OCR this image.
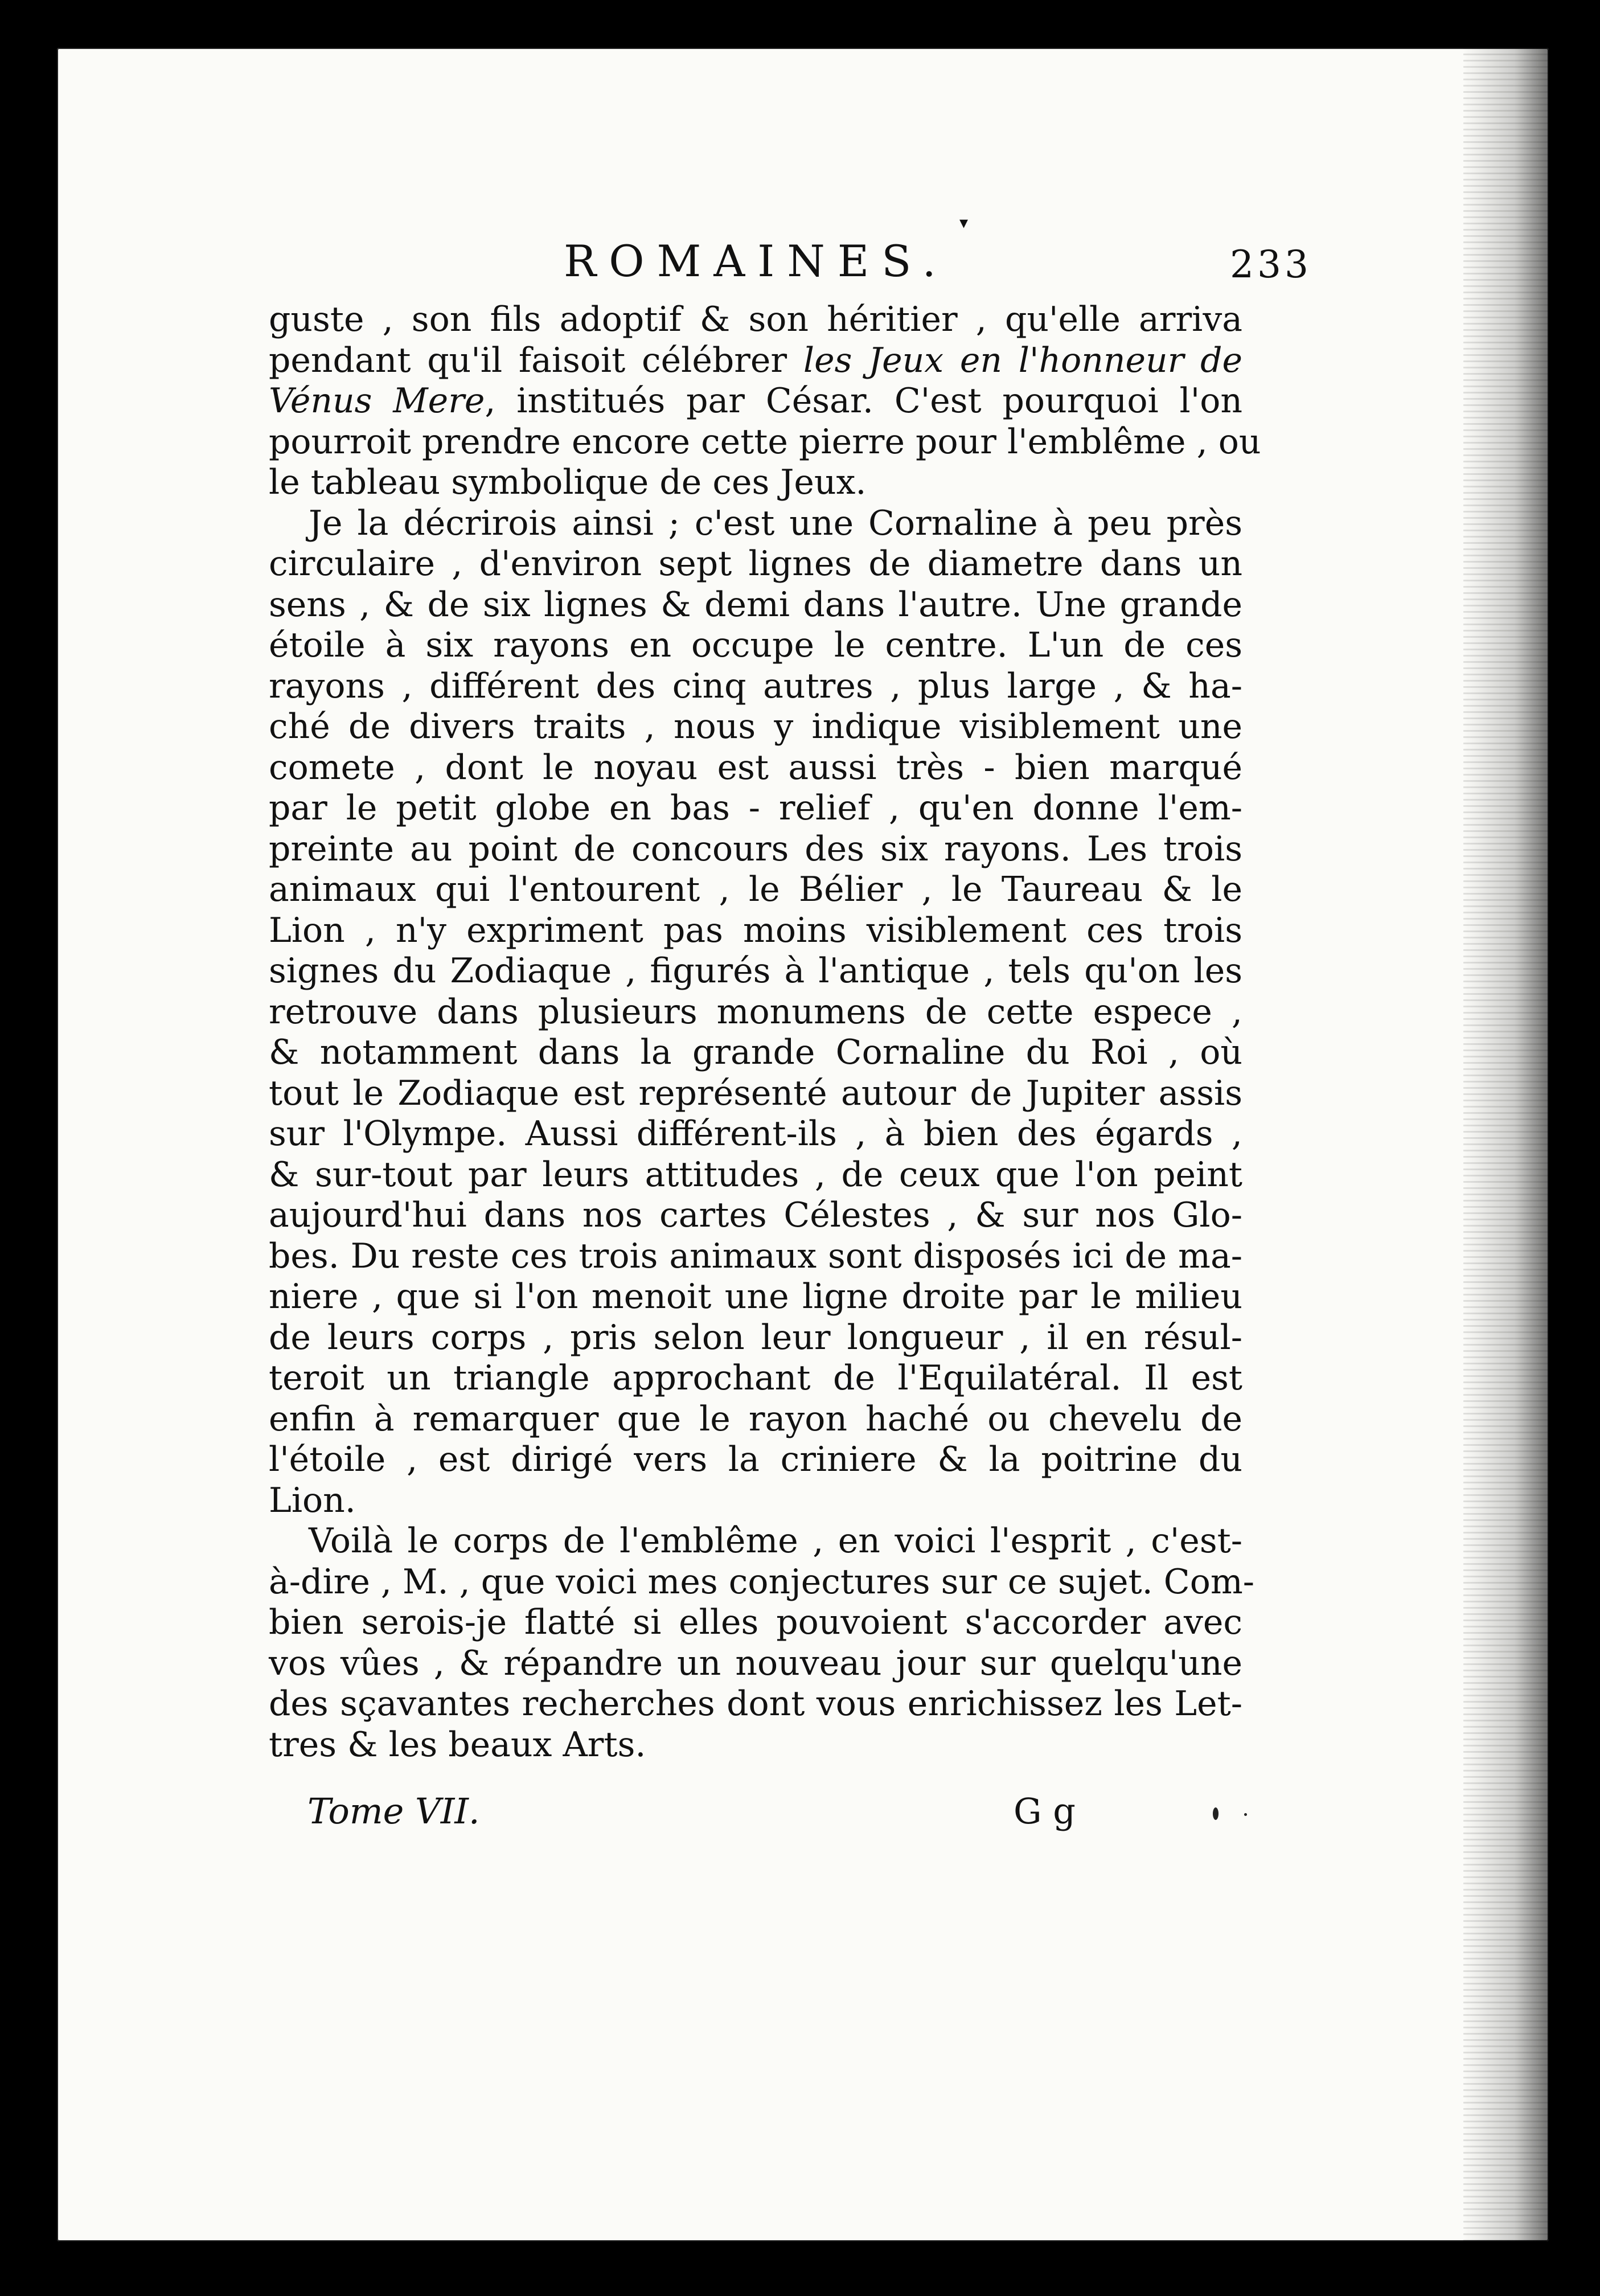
▾
ROMAINES.	233
guste , son fils adoptif & son héritier , qu'elle arriva
pendant qu'il faisoit célébrer les Jeux en l'honneur de
Vénus Mere, institués par César. C'est pourquoi l'on
pourroit prendre encore cette pierre pour l'emblême , ou
le tableau symbolique de ces Jeux.
Je la décrirois ainsi ; c'est une Cornaline à peu près
circulaire , d'environ sept lignes de diametre dans un
sens , & de six lignes & demi dans l'autre. Une grande
étoile à six rayons en occupe le centre. L'un de ces
rayons , différent des cinq autres , plus large , & ha-
ché de divers traits , nous y indique visiblement une
comete , dont le noyau est aussi très - bien marqué
par le petit globe en bas - relief , qu'en donne l'em-
preinte au point de concours des six rayons. Les trois
animaux qui l'entourent , le Bélier , le Taureau & le
Lion , n'y expriment pas moins visiblement ces trois
signes du Zodiaque , figurés à l'antique , tels qu'on les
retrouve dans plusieurs monumens de cette espece ,
& notamment dans la grande Cornaline du Roi , où
tout le Zodiaque est représenté autour de Jupiter assis
sur l'Olympe. Aussi différent-ils , à bien des égards ,
& sur-tout par leurs attitudes , de ceux que l'on peint
aujourd'hui dans nos cartes Célestes , & sur nos Glo-
bes. Du reste ces trois animaux sont disposés ici de ma-
niere , que si l'on menoit une ligne droite par le milieu
de leurs corps , pris selon leur longueur , il en résul-
teroit un triangle approchant de l'Equilatéral. Il est
enfin à remarquer que le rayon haché ou chevelu de
l'étoile , est dirigé vers la criniere & la poitrine du
Lion.
Voilà le corps de l'emblême , en voici l'esprit , c'est-
à-dire , M. , que voici mes conjectures sur ce sujet. Com-
bien serois-je flatté si elles pouvoient s'accorder avec
vos vûes , & répandre un nouveau jour sur quelqu'une
des sçavantes recherches dont vous enrichissez les Let-
tres & les beaux Arts.
Tome VII.	G g
